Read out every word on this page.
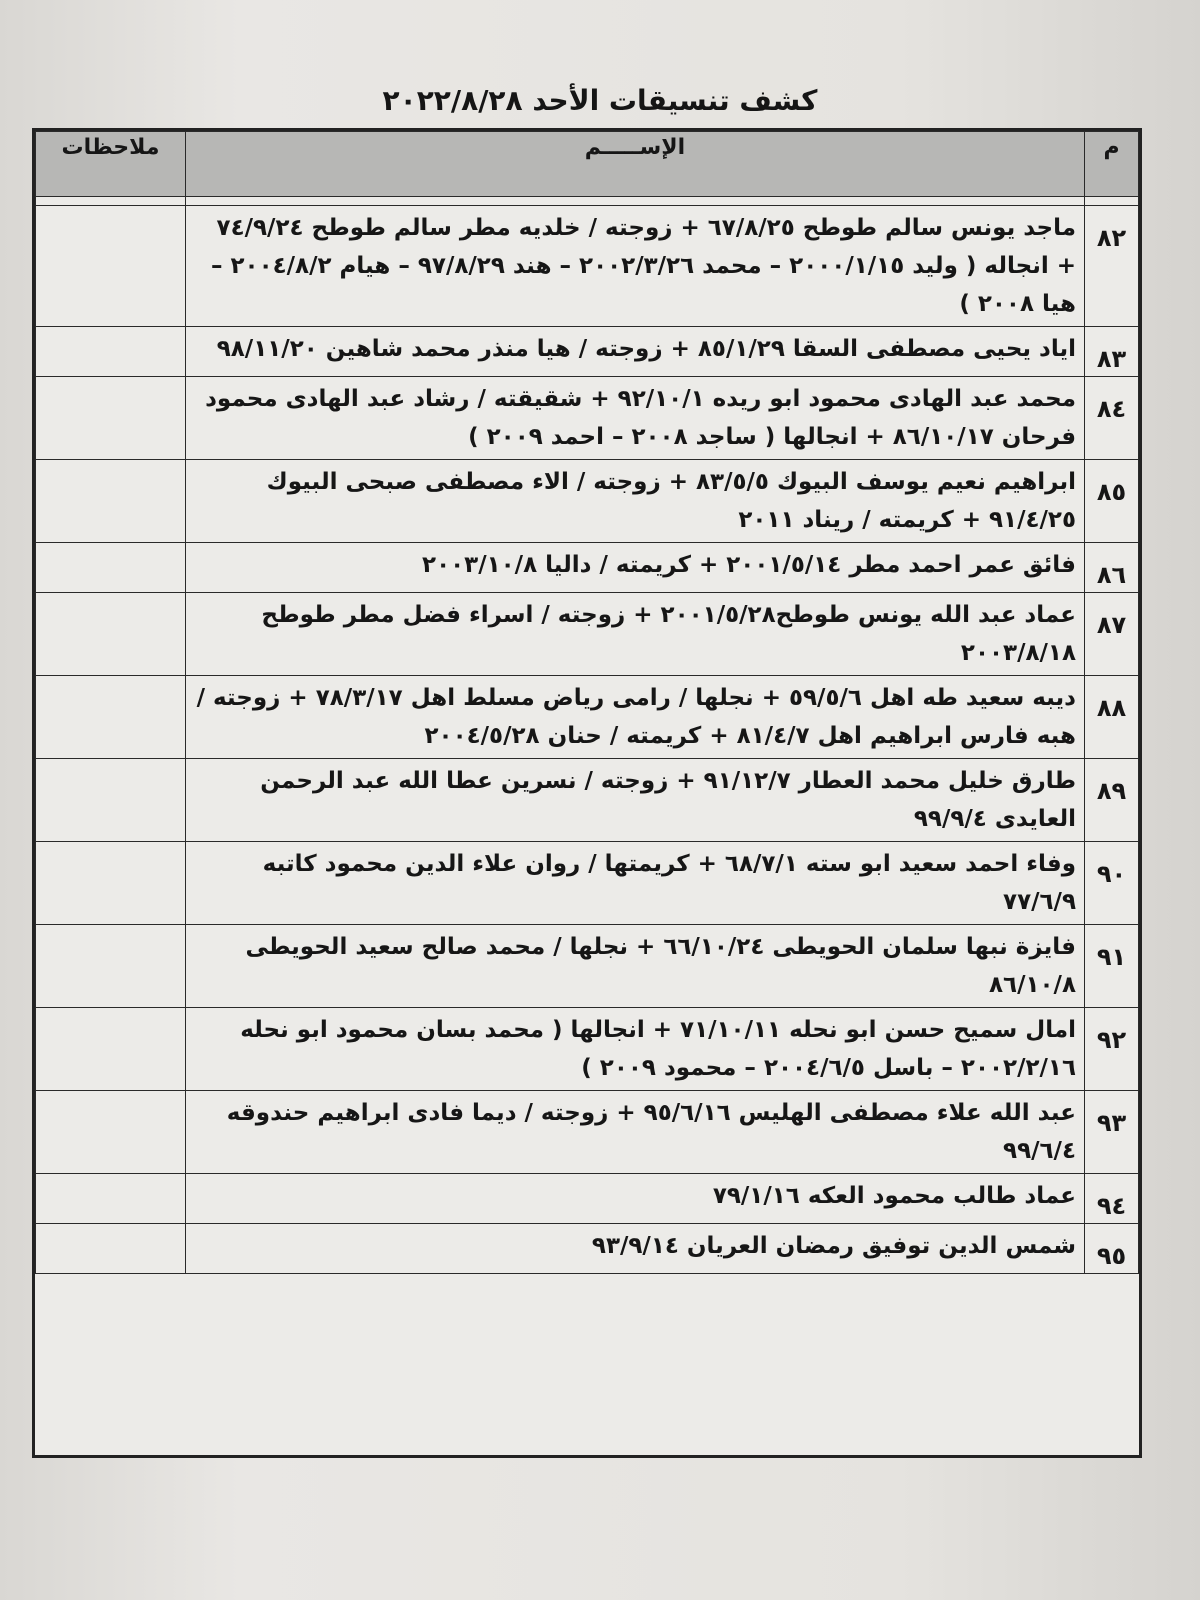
كشف تنسيقات الأحد ٢٠٢٢/٨/٢٨
م	الإســـــم	ملاحظات

٨٢	ماجد يونس سالم طوطح ٦٧/٨/٢٥ + زوجته / خلديه مطر سالم طوطح ٧٤/٩/٢٤ + انجاله ( وليد ٢٠٠٠/١/١٥ – محمد ٢٠٠٢/٣/٢٦ – هند ٩٧/٨/٢٩ – هيام ٢٠٠٤/٨/٢ – هيا ٢٠٠٨ )	
٨٣	اياد يحيى مصطفى السقا ٨٥/١/٢٩ + زوجته / هيا منذر محمد شاهين ٩٨/١١/٢٠	
٨٤	محمد عبد الهادى محمود ابو ريده ٩٢/١٠/١ + شقيقته / رشاد عبد الهادى محمود فرحان ٨٦/١٠/١٧ + انجالها ( ساجد ٢٠٠٨ – احمد ٢٠٠٩ )	
٨٥	ابراهيم نعيم يوسف البيوك ٨٣/٥/٥ + زوجته / الاء مصطفى صبحى البيوك ٩١/٤/٢٥ + كريمته / ريناد ٢٠١١	
٨٦	فائق عمر احمد مطر ٢٠٠١/٥/١٤ + كريمته / داليا ٢٠٠٣/١٠/٨	
٨٧	عماد عبد الله يونس طوطح٢٠٠١/٥/٢٨ + زوجته / اسراء فضل مطر طوطح ٢٠٠٣/٨/١٨	
٨٨	ديبه سعيد طه اهل ٥٩/٥/٦ + نجلها / رامى رياض مسلط اهل ٧٨/٣/١٧ + زوجته / هبه فارس ابراهيم اهل ٨١/٤/٧ + كريمته / حنان ٢٠٠٤/٥/٢٨	
٨٩	طارق خليل محمد العطار ٩١/١٢/٧ + زوجته / نسرين عطا الله عبد الرحمن العايدى ٩٩/٩/٤	
٩٠	وفاء احمد سعيد ابو سته ٦٨/٧/١ + كريمتها / روان علاء الدين محمود كاتبه ٧٧/٦/٩	
٩١	فايزة نبها سلمان الحويطى ٦٦/١٠/٢٤ + نجلها / محمد صالح سعيد الحويطى ٨٦/١٠/٨	
٩٢	امال سميح حسن ابو نحله ٧١/١٠/١١ + انجالها ( محمد بسان محمود ابو نحله ٢٠٠٢/٢/١٦ – باسل ٢٠٠٤/٦/٥ – محمود ٢٠٠٩ )	
٩٣	عبد الله علاء مصطفى الهليس ٩٥/٦/١٦ + زوجته / ديما فادى ابراهيم حندوقه ٩٩/٦/٤	
٩٤	عماد طالب محمود العكه ٧٩/١/١٦	
٩٥	شمس الدين توفيق رمضان العريان ٩٣/٩/١٤	
